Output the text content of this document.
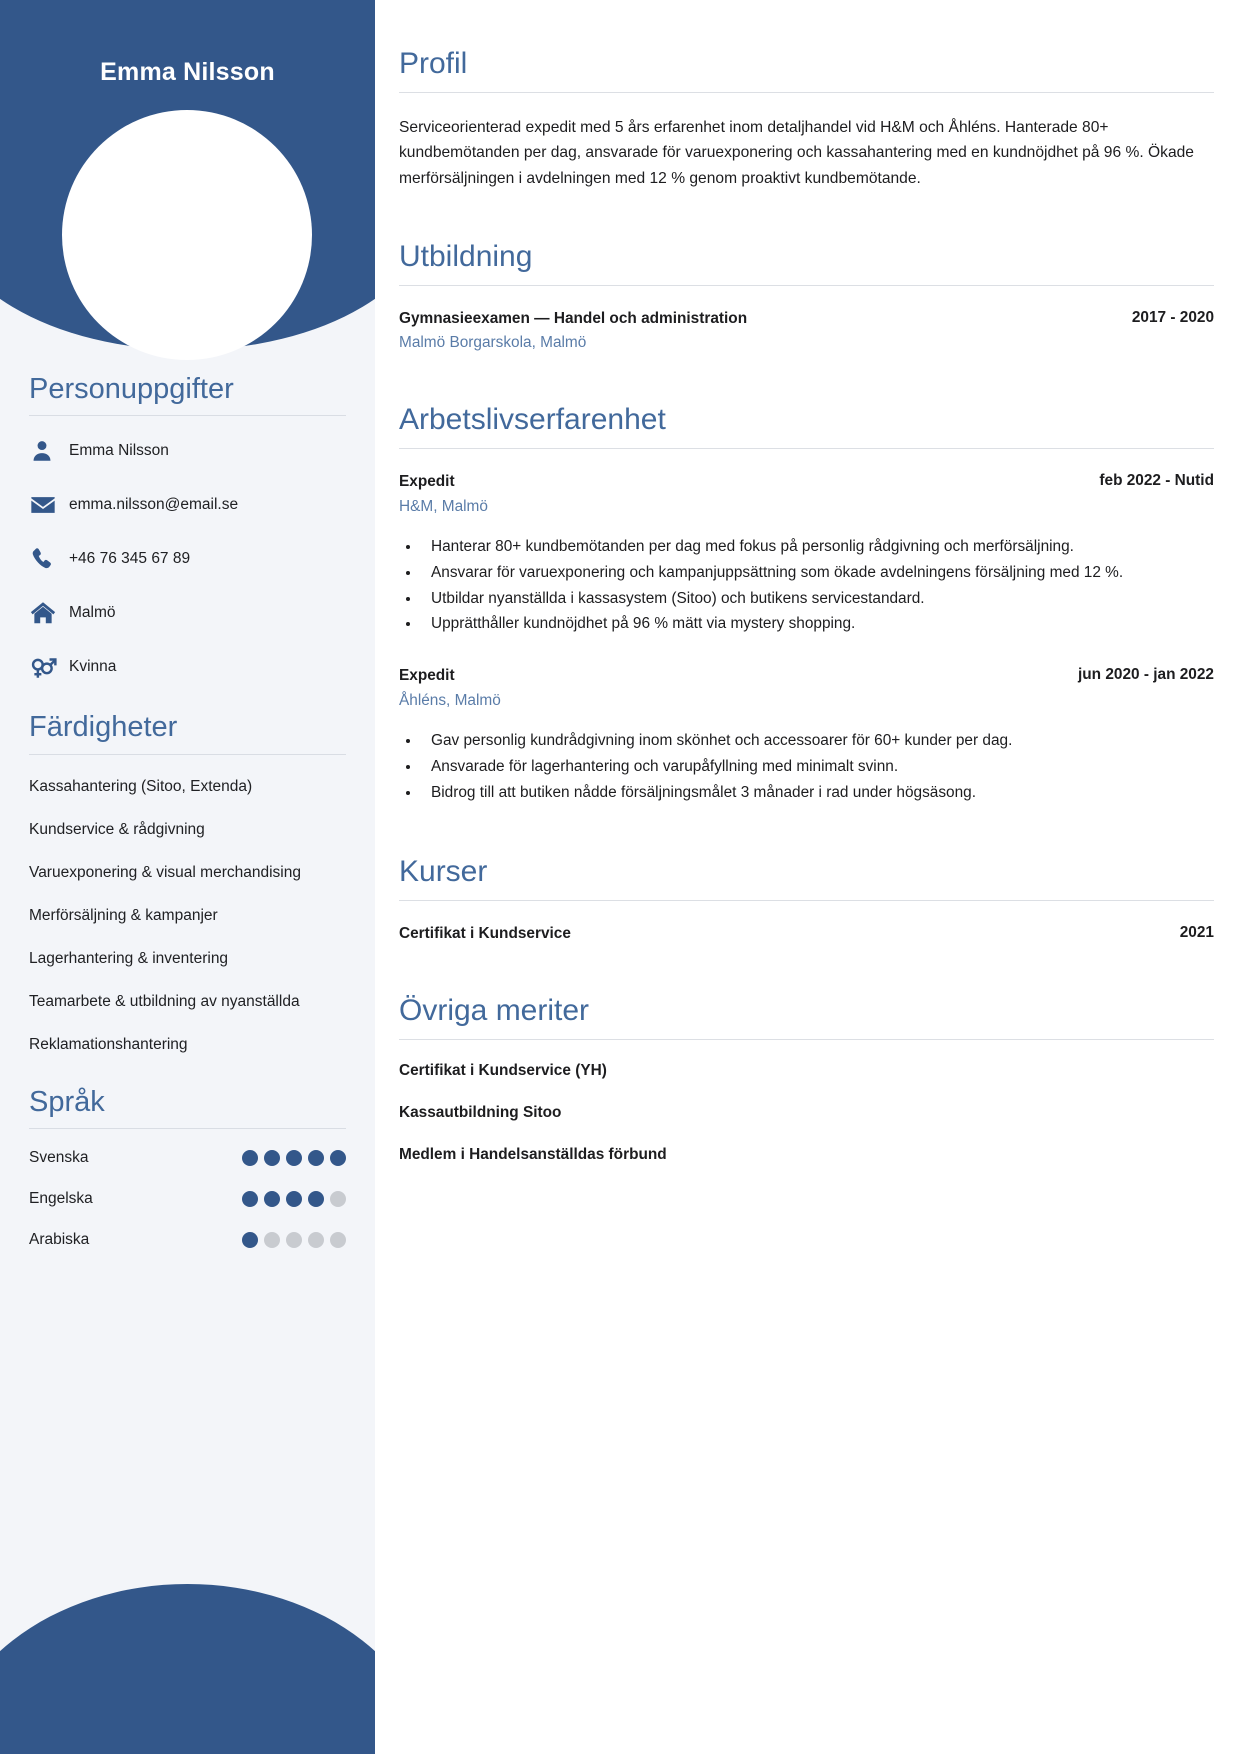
Emma Nilsson
Personuppgifter
Emma Nilsson
emma.nilsson@email.se
+46 76 345 67 89
Malmö
Kvinna
Färdigheter
Kassahantering (Sitoo, Extenda)
Kundservice & rådgivning
Varuexponering & visual merchandising
Merförsäljning & kampanjer
Lagerhantering & inventering
Teamarbete & utbildning av nyanställda
Reklamationshantering
Språk
Svenska
Engelska
Arabiska
Profil

Serviceorienterad expedit med 5 års erfarenhet inom detaljhandel vid H&M och Åhléns. Hanterade 80+ kundbemötanden per dag, ansvarade för varuexponering och kassahantering med en kundnöjdhet på 96 %. Ökade merförsäljningen i avdelningen med 12 % genom proaktivt kundbemötande.

Utbildning
Gymnasieexamen — Handel och administration	2017 - 2020
Malmö Borgarskola, Malmö
Arbetslivserfarenhet
Expedit	feb 2022 - Nutid
H&M, Malmö
• Hanterar 80+ kundbemötanden per dag med fokus på personlig rådgivning och merförsäljning.
• Ansvarar för varuexponering och kampanjuppsättning som ökade avdelningens försäljning med 12 %.
• Utbildar nyanställda i kassasystem (Sitoo) och butikens servicestandard.
• Upprätthåller kundnöjdhet på 96 % mätt via mystery shopping.
Expedit	jun 2020 - jan 2022
Åhléns, Malmö
• Gav personlig kundrådgivning inom skönhet och accessoarer för 60+ kunder per dag.
• Ansvarade för lagerhantering och varupåfyllning med minimalt svinn.
• Bidrog till att butiken nådde försäljningsmålet 3 månader i rad under högsäsong.
Kurser
Certifikat i Kundservice	2021
Övriga meriter
Certifikat i Kundservice (YH)
Kassautbildning Sitoo
Medlem i Handelsanställdas förbund
